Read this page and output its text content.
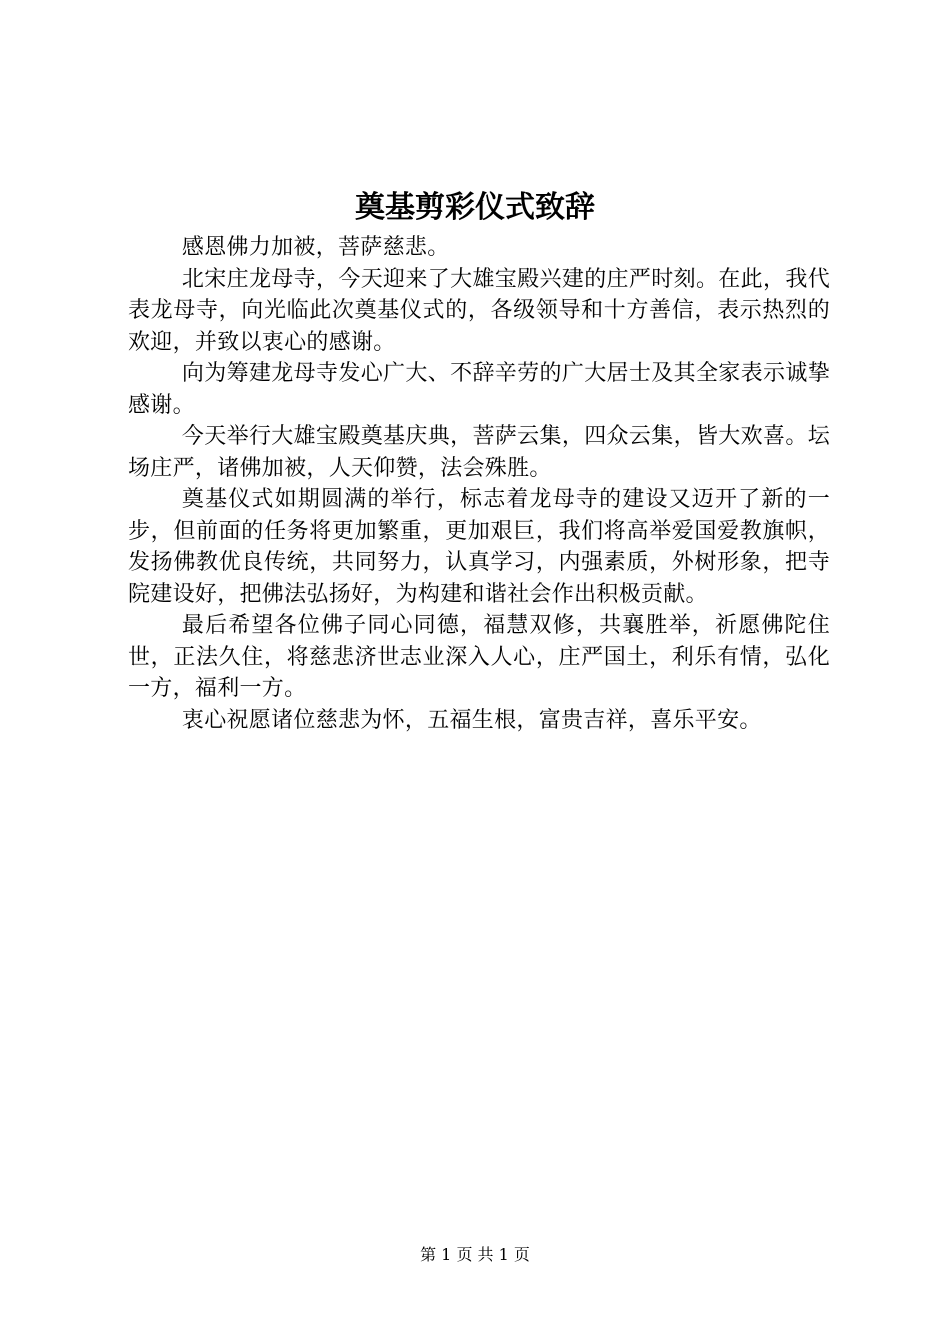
奠基剪彩仪式致辞

感恩佛力加被，菩萨慈悲。

北宋庄龙母寺，今天迎来了大雄宝殿兴建的庄严时刻。在此，我代表龙母寺，向光临此次奠基仪式的，各级领导和十方善信，表示热烈的欢迎，并致以衷心的感谢。

向为筹建龙母寺发心广大、不辞辛劳的广大居士及其全家表示诚挚感谢。

今天举行大雄宝殿奠基庆典，菩萨云集，四众云集，皆大欢喜。坛场庄严，诸佛加被，人天仰赞，法会殊胜。

奠基仪式如期圆满的举行，标志着龙母寺的建设又迈开了新的一步，但前面的任务将更加繁重，更加艰巨，我们将高举爱国爱教旗帜，发扬佛教优良传统，共同努力，认真学习，内强素质，外树形象，把寺院建设好，把佛法弘扬好，为构建和谐社会作出积极贡献。

最后希望各位佛子同心同德，福慧双修，共襄胜举，祈愿佛陀住世，正法久住，将慈悲济世志业深入人心，庄严国土，利乐有情，弘化一方，福利一方。

衷心祝愿诸位慈悲为怀，五福生根，富贵吉祥，喜乐平安。

第 1 页 共 1 页
